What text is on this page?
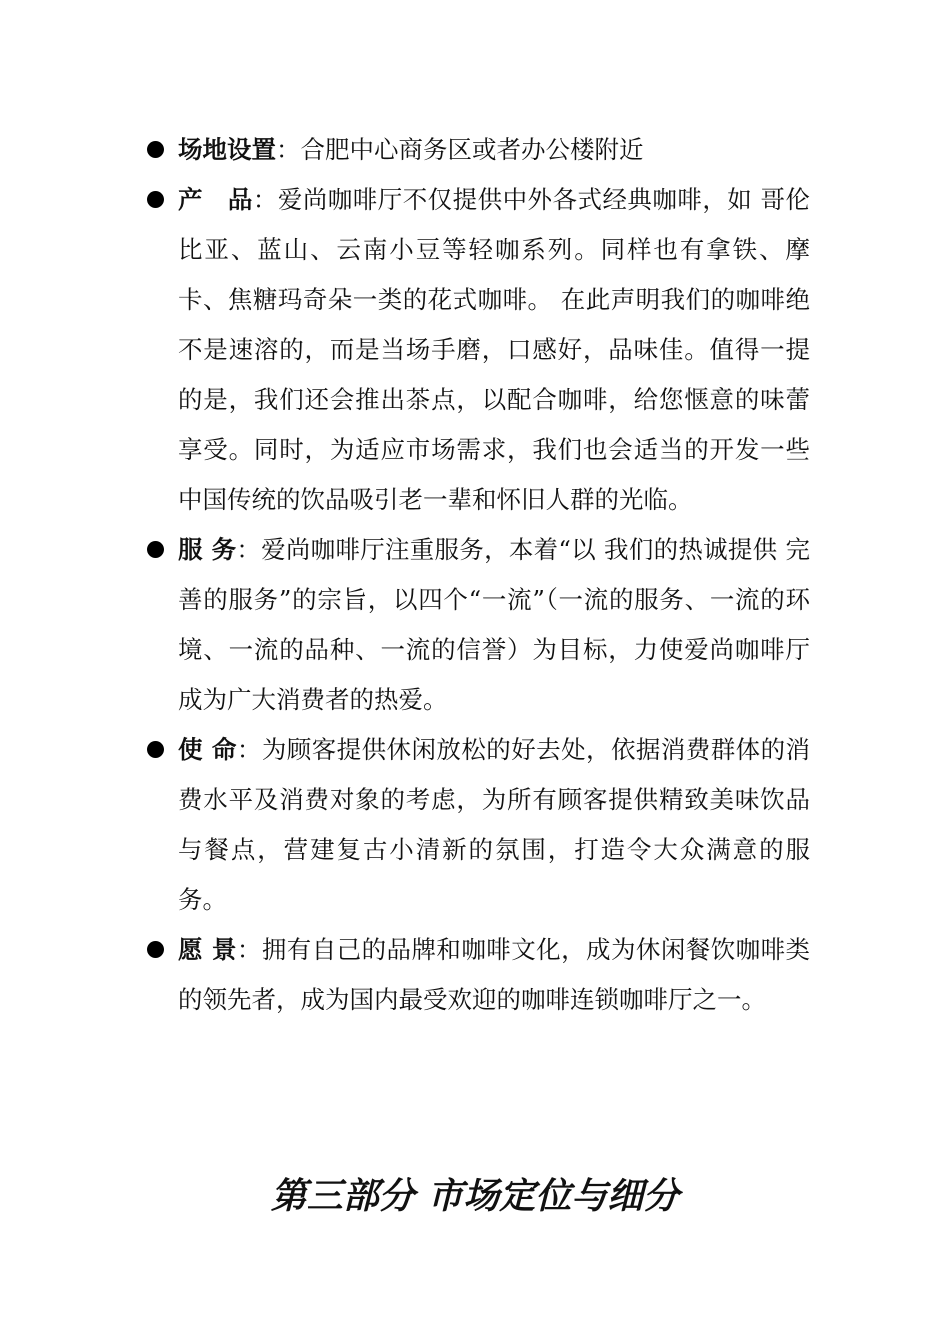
场地设置：合肥中心商务区或者办公楼附近
产　品：爱尚咖啡厅不仅提供中外各式经典咖啡，如 哥伦比亚、蓝山、云南小豆等轻咖系列。同样也有拿铁、摩卡、焦糖玛奇朵一类的花式咖啡。 在此声明我们的咖啡绝不是速溶的，而是当场手磨，口感好，品味佳。值得一提的是，我们还会推出茶点，以配合咖啡，给您惬意的味蕾享受。同时，为适应市场需求，我们也会适当的开发一些中国传统的饮品吸引老一辈和怀旧人群的光临。
服 务：爱尚咖啡厅注重服务，本着“以 我们的热诚提供 完善的服务”的宗旨，以四个“一流”（一流的服务、一流的环境、一流的品种、一流的信誉）为目标，力使爱尚咖啡厅成为广大消费者的热爱。
使 命：为顾客提供休闲放松的好去处，依据消费群体的消费水平及消费对象的考虑，为所有顾客提供精致美味饮品与餐点，营建复古小清新的氛围，打造令大众满意的服务。
愿 景：拥有自己的品牌和咖啡文化，成为休闲餐饮咖啡类的领先者，成为国内最受欢迎的咖啡连锁咖啡厅之一。
第三部分 市场定位与细分
